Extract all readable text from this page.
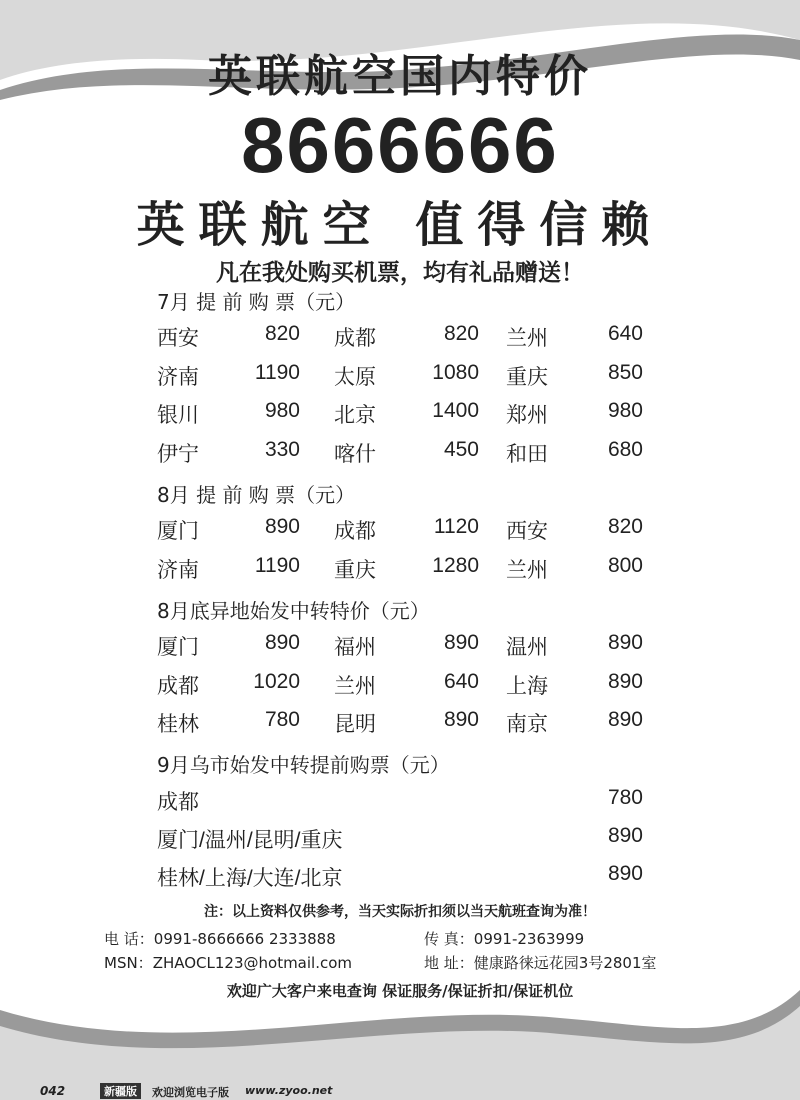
英联航空国内特价
8666666
英联航空 值得信赖
凡在我处购买机票，均有礼品赠送！
7月 提 前 购 票（元）
西安	820 成都	820 兰州	640
济南	1190 太原	1080 重庆	850
银川	980 北京	1400 郑州	980
伊宁	330 喀什	450 和田	680
8月 提 前 购 票（元）
厦门	890 成都	1120 西安	820
济南	1190 重庆	1280 兰州	800
8月底异地始发中转特价（元）
厦门	890 福州	890 温州	890
成都	1020 兰州	640 上海	890
桂林	780 昆明	890 南京	890
9月乌市始发中转提前购票（元）
成都	780
厦门/温州/昆明/重庆	890
桂林/上海/大连/北京	890
注：以上资料仅供参考，当天实际折扣须以当天航班查询为准！
电 话：0991-8666666 2333888	传 真：0991-2363999
MSN：ZHAOCL123@hotmail.com	地 址：健康路徕远花园3号2801室
欢迎广大客户来电查询 保证服务/保证折扣/保证机位
042	新疆版	欢迎浏览电子版 www.zyoo.net
